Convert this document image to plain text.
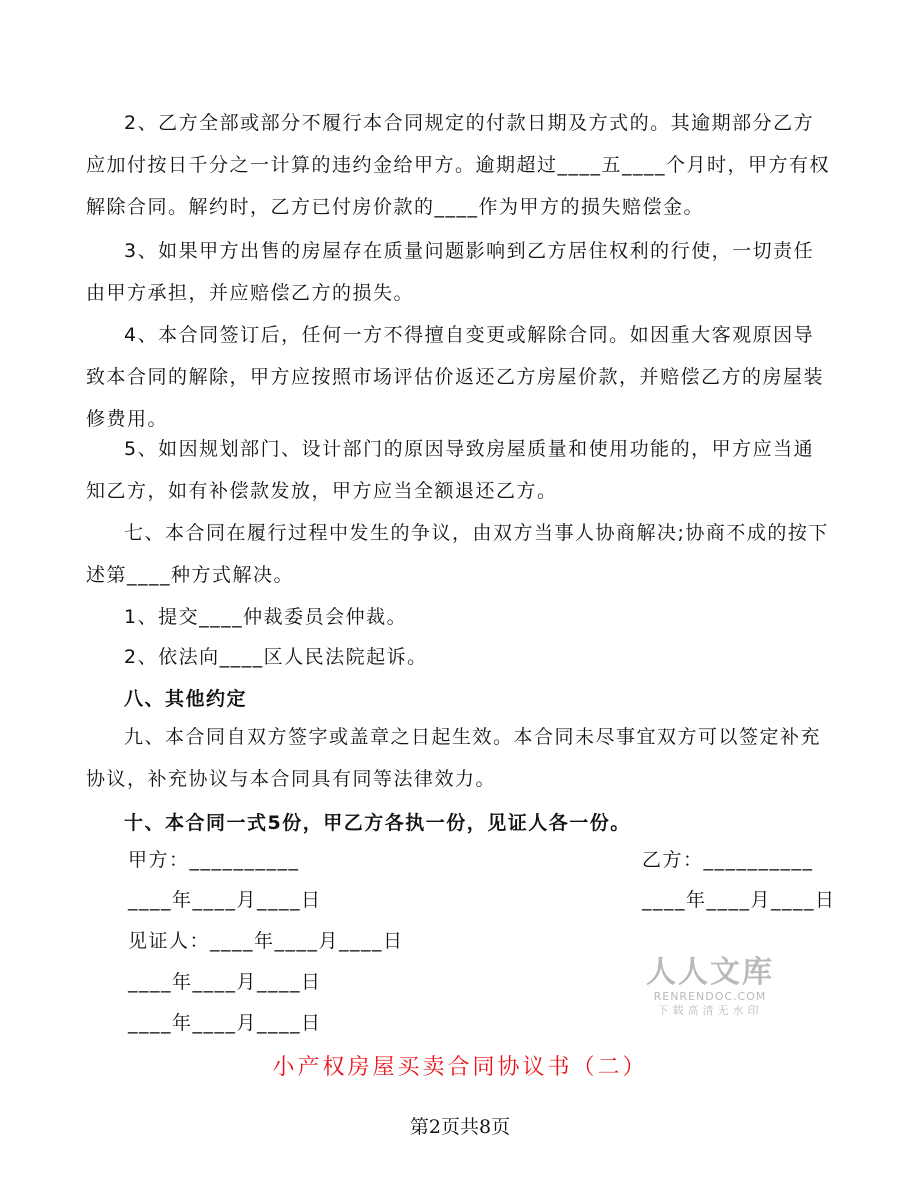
2、乙方全部或部分不履行本合同规定的付款日期及方式的。其逾期部分乙方应加付按日千分之一计算的违约金给甲方。逾期超过____五____个月时，甲方有权解除合同。解约时，乙方已付房价款的____作为甲方的损失赔偿金。

3、如果甲方出售的房屋存在质量问题影响到乙方居住权利的行使，一切责任由甲方承担，并应赔偿乙方的损失。

4、本合同签订后，任何一方不得擅自变更或解除合同。如因重大客观原因导致本合同的解除，甲方应按照市场评估价返还乙方房屋价款，并赔偿乙方的房屋装修费用。

5、如因规划部门、设计部门的原因导致房屋质量和使用功能的，甲方应当通知乙方，如有补偿款发放，甲方应当全额退还乙方。

七、本合同在履行过程中发生的争议，由双方当事人协商解决;协商不成的按下述第____种方式解决。

1、提交____仲裁委员会仲裁。

2、依法向____区人民法院起诉。

八、其他约定

九、本合同自双方签字或盖章之日起生效。本合同未尽事宜双方可以签定补充协议，补充协议与本合同具有同等法律效力。

十、本合同一式5份，甲乙方各执一份，见证人各一份。

甲方：__________	乙方：__________
____年____月____日	____年____月____日
见证人：____年____月____日
____年____月____日
____年____月____日
人人文库
RENRENDOC.COM
下载高清无水印
小产权房屋买卖合同协议书（二）
第2页共8页
